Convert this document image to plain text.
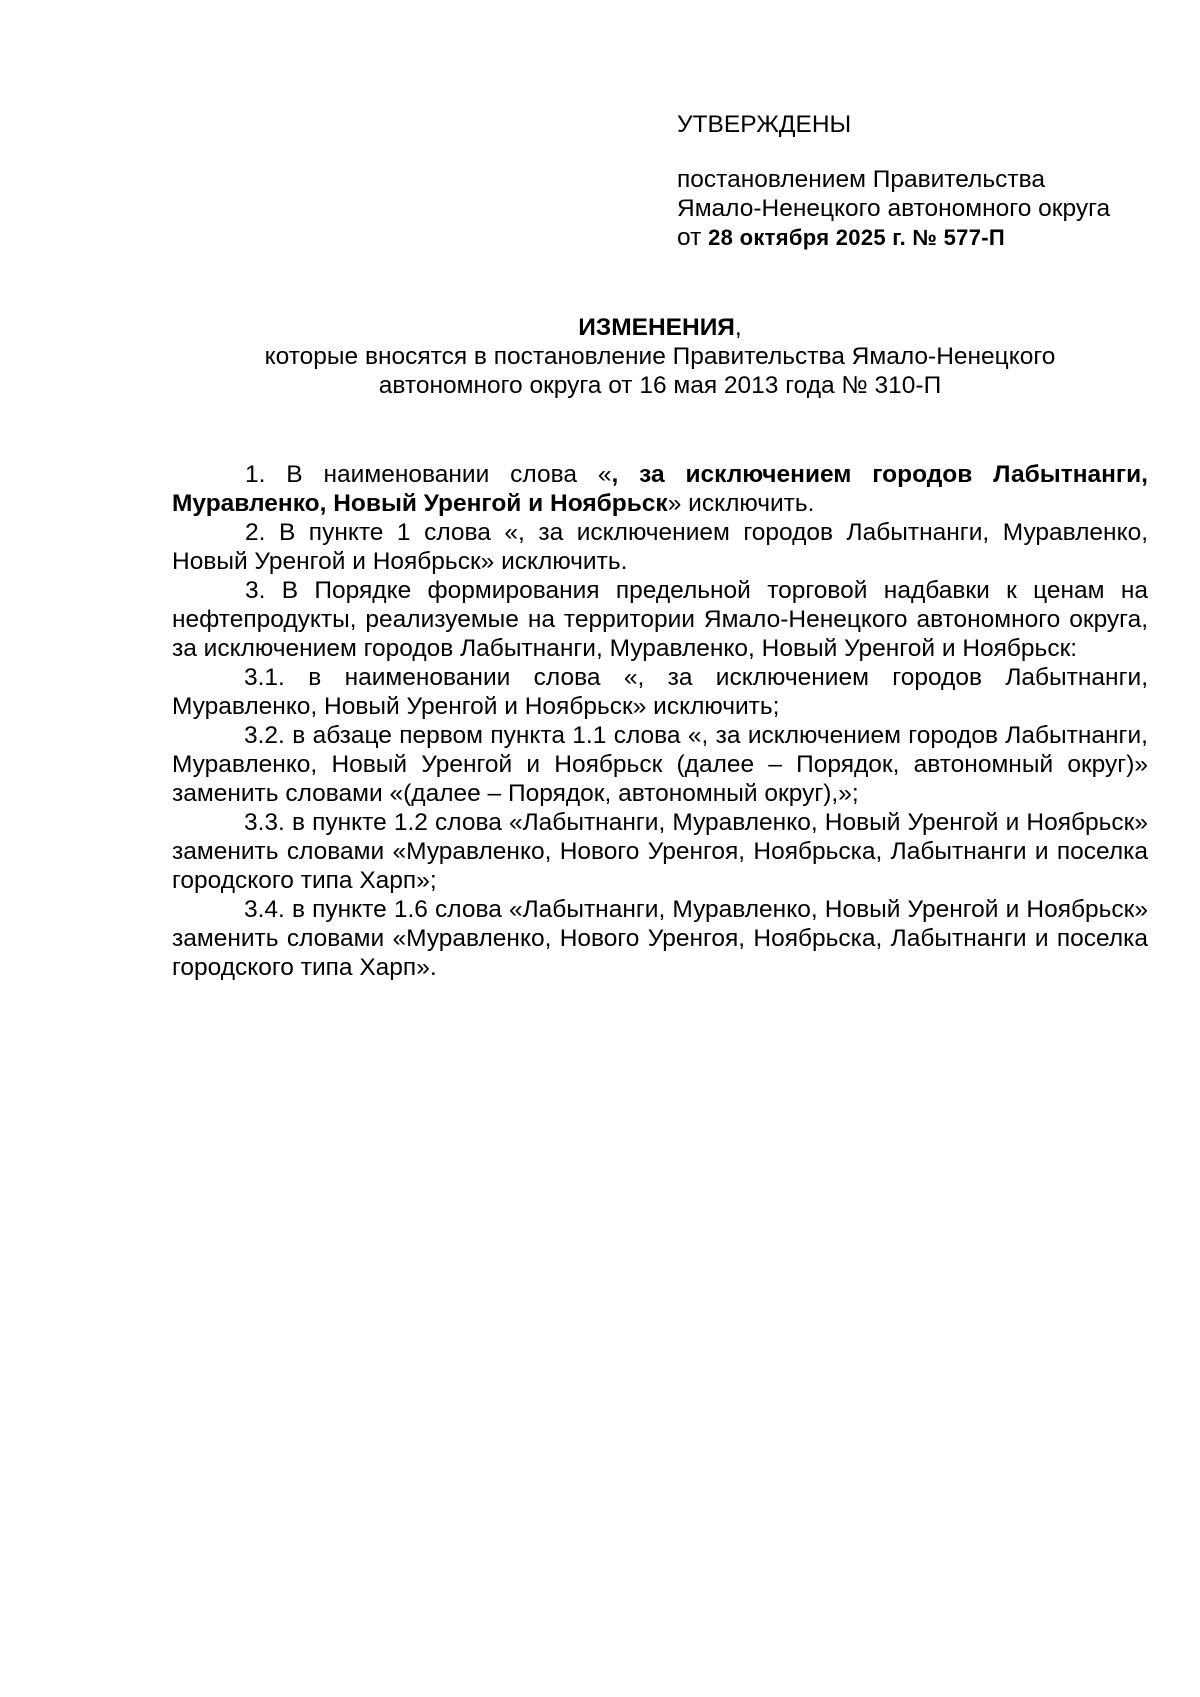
УТВЕРЖДЕНЫ
постановлением Правительства
Ямало-Ненецкого автономного округа
от 28 октября 2025 г. № 577-П
ИЗМЕНЕНИЯ,
которые вносятся в постановление Правительства Ямало-Ненецкого
автономного округа от 16 мая 2013 года № 310-П

1. В наименовании слова «, за исключением городов Лабытнанги, Муравленко, Новый Уренгой и Ноябрьск» исключить.

2. В пункте 1 слова «, за исключением городов Лабытнанги, Муравленко, Новый Уренгой и Ноябрьск» исключить.

3. В Порядке формирования предельной торговой надбавки к ценам на нефтепродукты, реализуемые на территории Ямало-Ненецкого автономного округа, за исключением городов Лабытнанги, Муравленко, Новый Уренгой и Ноябрьск:

3.1. в наименовании слова «, за исключением городов Лабытнанги, Муравленко, Новый Уренгой и Ноябрьск» исключить;

3.2. в абзаце первом пункта 1.1 слова «, за исключением городов Лабытнанги, Муравленко, Новый Уренгой и Ноябрьск (далее – Порядок, автономный округ)» заменить словами «(далее – Порядок, автономный округ),»;

3.3. в пункте 1.2 слова «Лабытнанги, Муравленко, Новый Уренгой и Ноябрьск» заменить словами «Муравленко, Нового Уренгоя, Ноябрьска, Лабытнанги и поселка городского типа Харп»;

3.4. в пункте 1.6 слова «Лабытнанги, Муравленко, Новый Уренгой и Ноябрьск» заменить словами «Муравленко, Нового Уренгоя, Ноябрьска, Лабытнанги и поселка городского типа Харп».
